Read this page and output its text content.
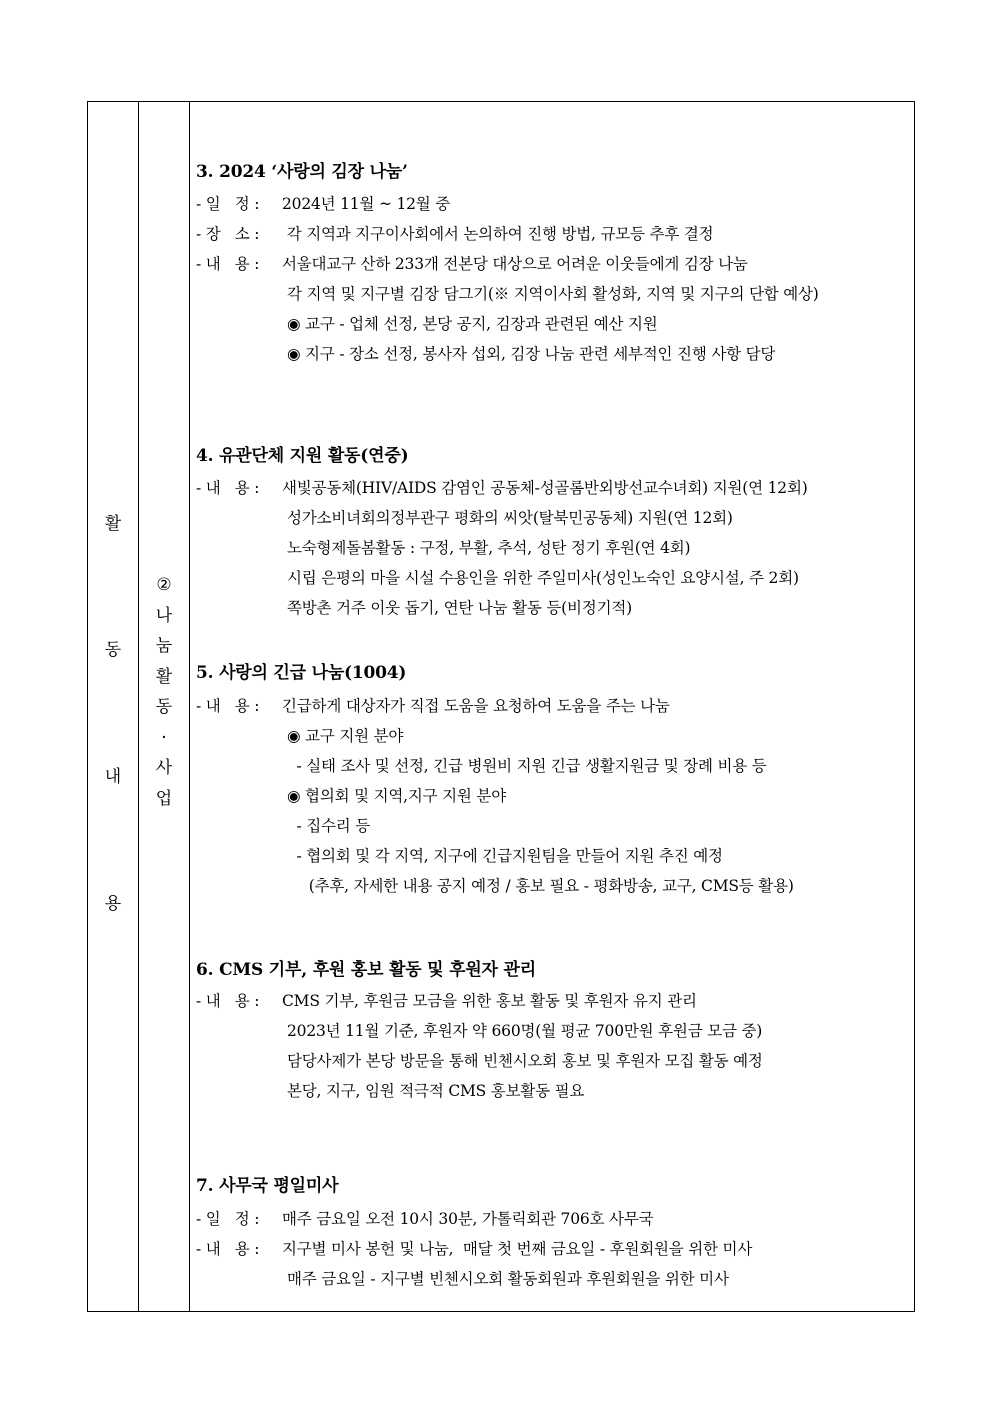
활
동
내
용
②
나
눔
활
동
·
사
업
3. 2024 ‘사랑의 김장 나눔’
- 일   정 : 2024년 11월 ~ 12월 중
- 장   소 :  각 지역과 지구이사회에서 논의하여 진행 방법, 규모등 추후 결정
- 내   용 : 서울대교구 산하 233개 전본당 대상으로 어려운 이웃들에게 김장 나눔
각 지역 및 지구별 김장 담그기(※ 지역이사회 활성화, 지역 및 지구의 단합 예상)
◉ 교구 - 업체 선정, 본당 공지, 김장과 관련된 예산 지원
◉ 지구 - 장소 선정, 봉사자 섭외, 김장 나눔 관련 세부적인 진행 사항 담당
4. 유관단체 지원 활동(연중)
- 내   용 : 새빛공동체(HIV/AIDS 감염인 공동체-성골롬반외방선교수녀회) 지원(연 12회)
성가소비녀회의정부관구 평화의 씨앗(탈북민공동체) 지원(연 12회)
노숙형제돌봄활동 : 구정, 부활, 추석, 성탄 정기 후원(연 4회)
시립 은평의 마을 시설 수용인을 위한 주일미사(성인노숙인 요양시설, 주 2회)
쪽방촌 거주 이웃 돕기, 연탄 나눔 활동 등(비정기적)
5. 사랑의 긴급 나눔(1004)
- 내   용 : 긴급하게 대상자가 직접 도움을 요청하여 도움을 주는 나눔
◉ 교구 지원 분야
- 실태 조사 및 선정, 긴급 병원비 지원 긴급 생활지원금 및 장례 비용 등
◉ 협의회 및 지역,지구 지원 분야
- 집수리 등
- 협의회 및 각 지역, 지구에 긴급지원팀을 만들어 지원 추진 예정
(추후, 자세한 내용 공지 예정 / 홍보 필요 - 평화방송, 교구, CMS등 활용)
6. CMS 기부, 후원 홍보 활동 및 후원자 관리
- 내   용 : CMS 기부, 후원금 모금을 위한 홍보 활동 및 후원자 유지 관리
2023년 11월 기준, 후원자 약 660명(월 평균 700만원 후원금 모금 중)
담당사제가 본당 방문을 통해 빈첸시오회 홍보 및 후원자 모집 활동 예정
본당, 지구, 임원 적극적 CMS 홍보활동 필요
7. 사무국 평일미사
- 일   정 : 매주 금요일 오전 10시 30분, 가톨릭회관 706호 사무국
- 내   용 : 지구별 미사 봉헌 및 나눔,  매달 첫 번째 금요일 - 후원회원을 위한 미사
매주 금요일 - 지구별 빈첸시오회 활동회원과 후원회원을 위한 미사
